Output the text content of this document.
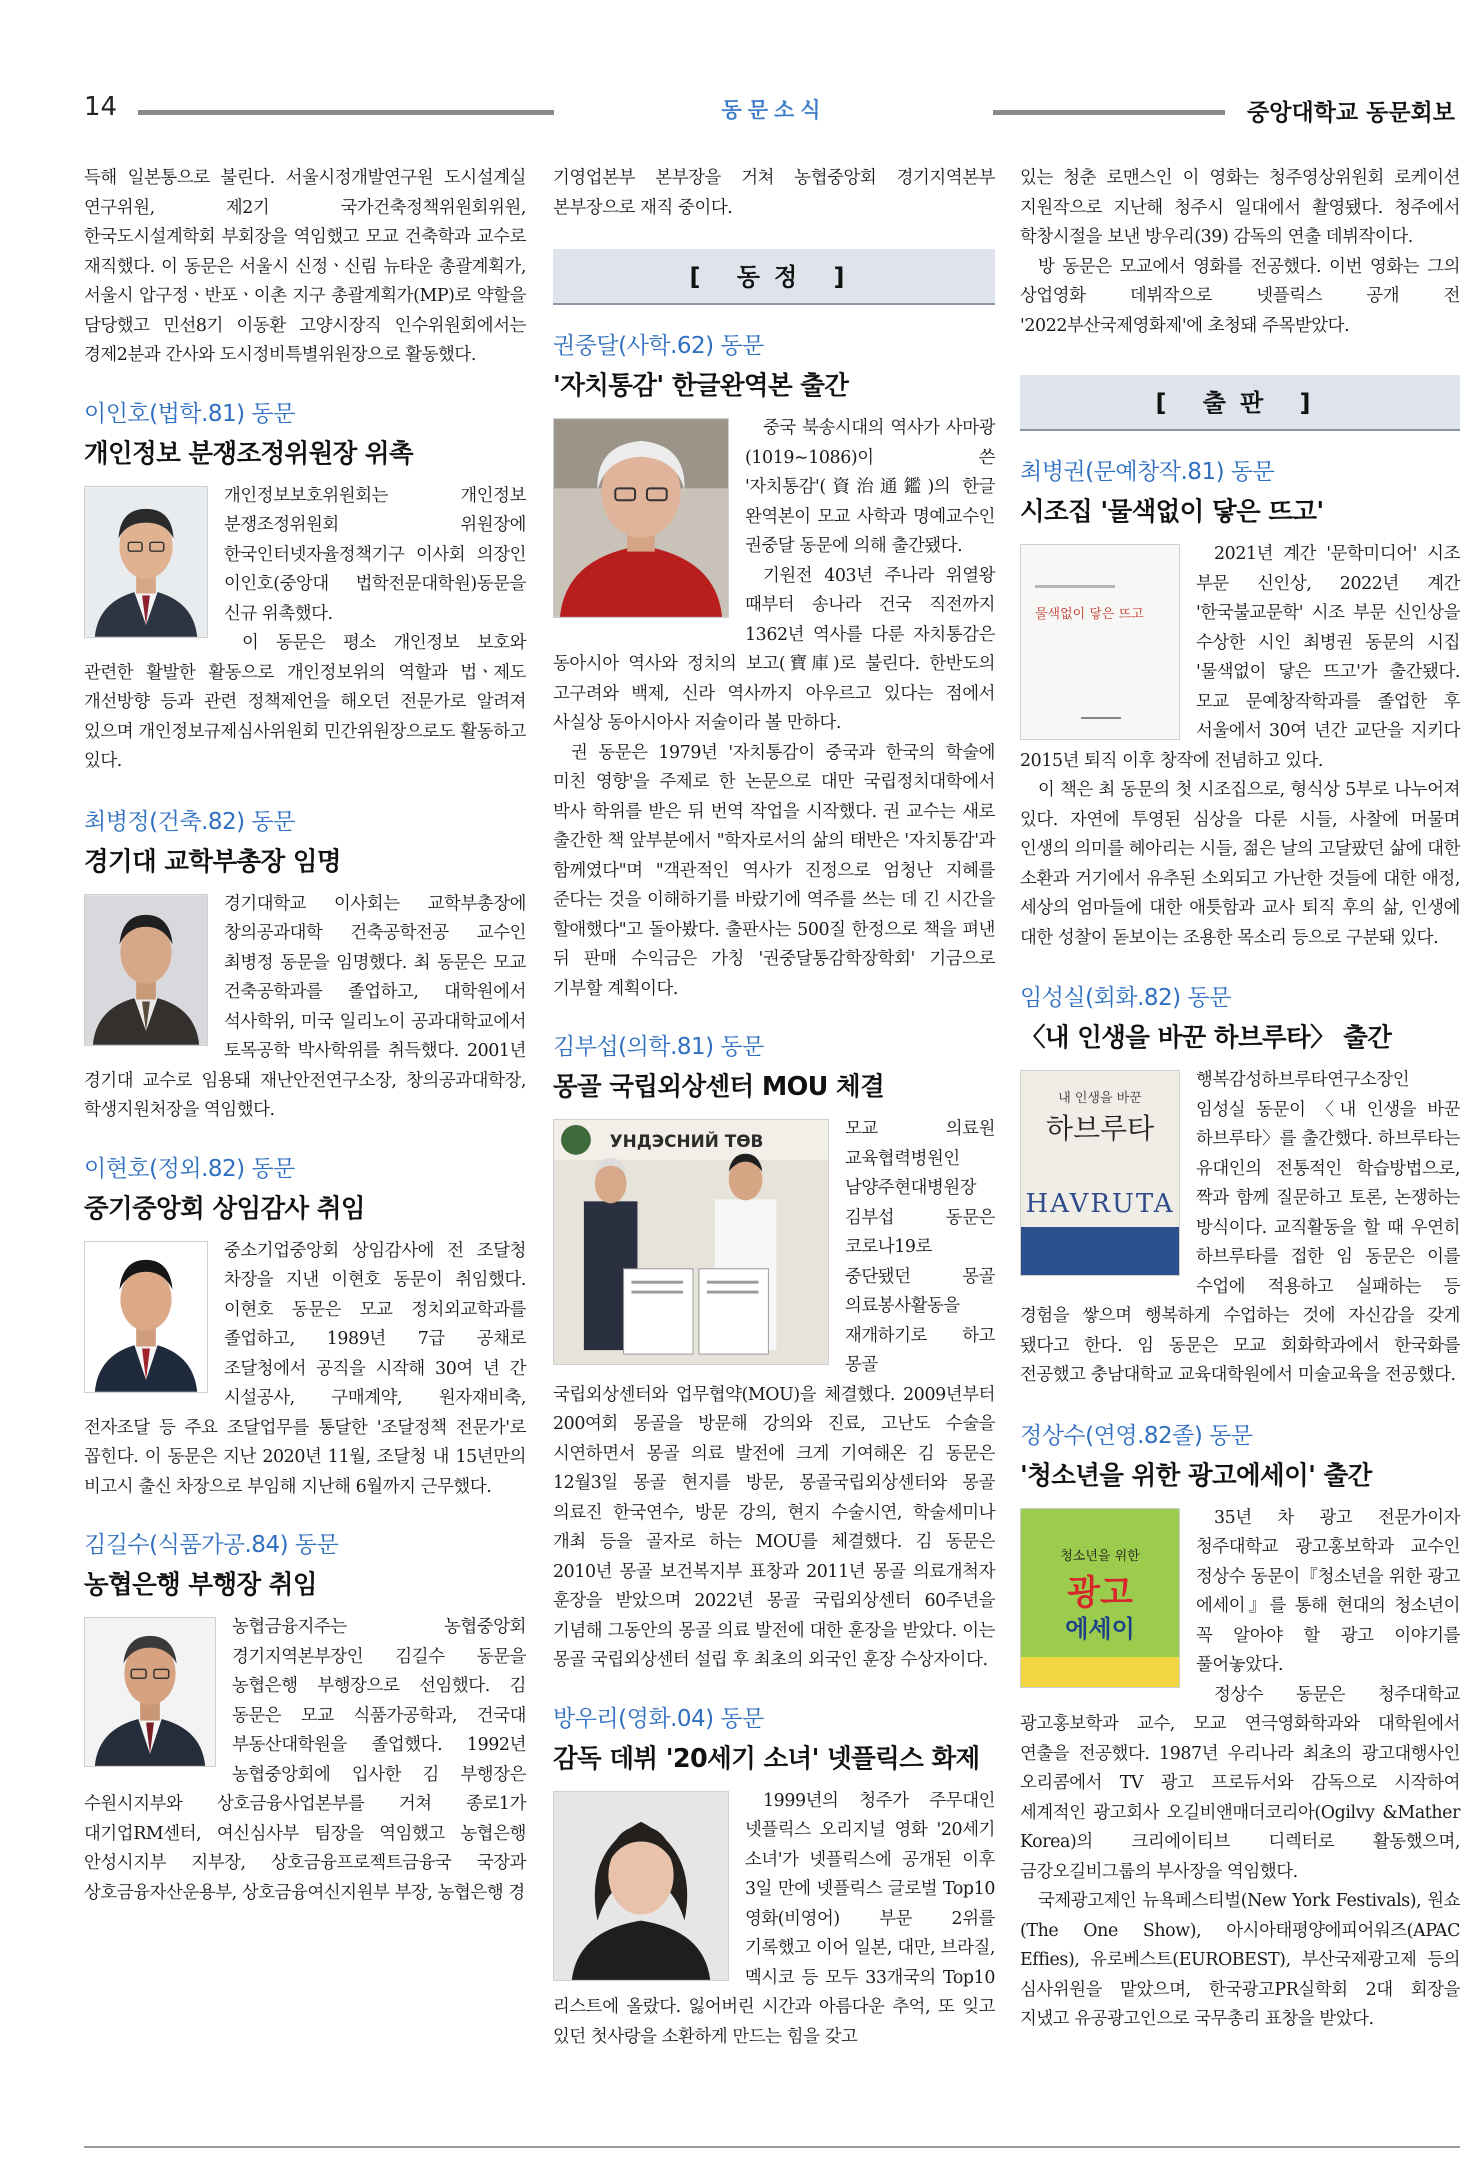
14	동문소식	중앙대학교 동문회보

득해 일본통으로 불린다. 서울시정개발연구원 도시설계실 연구위원, 제2기 국가건축정책위원회위원, 한국도시설계학회 부회장을 역임했고 모교 건축학과 교수로 재직했다. 이 동문은 서울시 신정ㆍ신림 뉴타운 총괄계획가, 서울시 압구정ㆍ반포ㆍ이촌 지구 총괄계획가(MP)로 약할을 담당했고 민선8기 이동환 고양시장직 인수위원회에서는 경제2분과 간사와 도시정비특별위원장으로 활동했다.

이인호(법학.81) 동문
개인정보 분쟁조정위원장 위촉

개인정보보호위원회는 개인정보 분쟁조정위원회 위원장에 한국인터넷자율정책기구 이사회 의장인 이인호(중앙대 법학전문대학원)동문을 신규 위촉했다.

이 동문은 평소 개인정보 보호와 관련한 활발한 활동으로 개인정보위의 역할과 법ㆍ제도 개선방향 등과 관련 정책제언을 해오던 전문가로 알려져 있으며 개인정보규제심사위원회 민간위원장으로도 활동하고 있다.

최병정(건축.82) 동문
경기대 교학부총장 임명

경기대학교 이사회는 교학부총장에 창의공과대학 건축공학전공 교수인 최병정 동문을 임명했다. 최 동문은 모교 건축공학과를 졸업하고, 대학원에서 석사학위, 미국 일리노이 공과대학교에서 토목공학 박사학위를 취득했다. 2001년 경기대 교수로 임용돼 재난안전연구소장, 창의공과대학장, 학생지원처장을 역임했다.

이현호(정외.82) 동문
중기중앙회 상임감사 취임

중소기업중앙회 상임감사에 전 조달청 차장을 지낸 이현호 동문이 취임했다. 이현호 동문은 모교 정치외교학과를 졸업하고, 1989년 7급 공채로 조달청에서 공직을 시작해 30여 년 간 시설공사, 구매계약, 원자재비축, 전자조달 등 주요 조달업무를 통달한 '조달정책 전문가'로 꼽힌다. 이 동문은 지난 2020년 11월, 조달청 내 15년만의 비고시 출신 차장으로 부임해 지난해 6월까지 근무했다.

김길수(식품가공.84) 동문
농협은행 부행장 취임

농협금융지주는 농협중앙회 경기지역본부장인 김길수 동문을 농협은행 부행장으로 선임했다. 김 동문은 모교 식품가공학과, 건국대 부동산대학원을 졸업했다. 1992년 농협중앙회에 입사한 김 부행장은 수원시지부와 상호금융사업본부를 거쳐 종로1가 대기업RM센터, 여신심사부 팀장을 역임했고 농협은행 안성시지부 지부장, 상호금융프로젝트금융국 국장과 상호금융자산운용부, 상호금융여신지원부 부장, 농협은행 경

기영업본부 본부장을 거쳐 농협중앙회 경기지역본부 본부장으로 재직 중이다.

[ 동정 ]
권중달(사학.62) 동문
'자치통감' 한글완역본 출간

중국 북송시대의 역사가 사마광(1019∼1086)이 쓴 '자치통감'(資治通鑑)의 한글 완역본이 모교 사학과 명예교수인 권중달 동문에 의해 출간됐다.

기원전 403년 주나라 위열왕 때부터 송나라 건국 직전까지 1362년 역사를 다룬 자치통감은 동아시아 역사와 정치의 보고(寶庫)로 불린다. 한반도의 고구려와 백제, 신라 역사까지 아우르고 있다는 점에서 사실상 동아시아사 저술이라 볼 만하다.

권 동문은 1979년 '자치통감이 중국과 한국의 학술에 미친 영향'을 주제로 한 논문으로 대만 국립정치대학에서 박사 학위를 받은 뒤 번역 작업을 시작했다. 권 교수는 새로 출간한 책 앞부분에서 "학자로서의 삶의 태반은 '자치통감'과 함께였다"며 "객관적인 역사가 진정으로 엄청난 지혜를 준다는 것을 이해하기를 바랐기에 역주를 쓰는 데 긴 시간을 할애했다"고 돌아봤다. 출판사는 500질 한정으로 책을 펴낸 뒤 판매 수익금은 가칭 '권중달통감학장학회' 기금으로 기부할 계획이다.

김부섭(의학.81) 동문
몽골 국립외상센터 MOU 체결
УНДЭСНИЙ ТӨВ

모교 의료원 교육협력병원인 남양주현대병원장 김부섭 동문은 코로나19로 중단됐던 몽골 의료봉사활동을 재개하기로 하고 몽골 국립외상센터와 업무협약(MOU)을 체결했다. 2009년부터 200여회 몽골을 방문해 강의와 진료, 고난도 수술을 시연하면서 몽골 의료 발전에 크게 기여해온 김 동문은 12월3일 몽골 현지를 방문, 몽골국립외상센터와 몽골 의료진 한국연수, 방문 강의, 현지 수술시연, 학술세미나 개최 등을 골자로 하는 MOU를 체결했다. 김 동문은 2010년 몽골 보건복지부 표창과 2011년 몽골 의료개척자 훈장을 받았으며 2022년 몽골 국립외상센터 60주년을 기념해 그동안의 몽골 의료 발전에 대한 훈장을 받았다. 이는 몽골 국립외상센터 설립 후 최초의 외국인 훈장 수상자이다.

방우리(영화.04) 동문
감독 데뷔 '20세기 소녀' 넷플릭스 화제

1999년의 청주가 주무대인 넷플릭스 오리지널 영화 '20세기 소녀'가 넷플릭스에 공개된 이후 3일 만에 넷플릭스 글로벌 Top10 영화(비영어) 부문 2위를 기록했고 이어 일본, 대만, 브라질, 멕시코 등 모두 33개국의 Top10 리스트에 올랐다. 잃어버린 시간과 아름다운 추억, 또 잊고 있던 첫사랑을 소환하게 만드는 힘을 갖고

있는 청춘 로맨스인 이 영화는 청주영상위원회 로케이션 지원작으로 지난해 청주시 일대에서 촬영됐다. 청주에서 학창시절을 보낸 방우리(39) 감독의 연출 데뷔작이다.

방 동문은 모교에서 영화를 전공했다. 이번 영화는 그의 상업영화 데뷔작으로 넷플릭스 공개 전 '2022부산국제영화제'에 초청돼 주목받았다.

[ 출판 ]
최병권(문예창작.81) 동문
시조집 '물색없이 닿은 뜨고'
물색없이 닿은 뜨고

2021년 계간 '문학미디어' 시조 부문 신인상, 2022년 계간 '한국불교문학' 시조 부문 신인상을 수상한 시인 최병권 동문의 시집 '물색없이 닿은 뜨고'가 출간됐다. 모교 문예창작학과를 졸업한 후 서울에서 30여 년간 교단을 지키다 2015년 퇴직 이후 창작에 전념하고 있다.

이 책은 최 동문의 첫 시조집으로, 형식상 5부로 나누어져 있다. 자연에 투영된 심상을 다룬 시들, 사찰에 머물며 인생의 의미를 헤아리는 시들, 젊은 날의 고달팠던 삶에 대한 소환과 거기에서 유추된 소외되고 가난한 것들에 대한 애정, 세상의 엄마들에 대한 애틋함과 교사 퇴직 후의 삶, 인생에 대한 성찰이 돋보이는 조용한 목소리 등으로 구분돼 있다.

임성실(회화.82) 동문
〈내 인생을 바꾼 하브루타〉 출간
내 인생을 바꾼
하브루타
HAVRUTA

행복감성하브루타연구소장인 임성실 동문이 〈내 인생을 바꾼 하브루타〉를 출간했다. 하브루타는 유대인의 전통적인 학습방법으로, 짝과 함께 질문하고 토론, 논쟁하는 방식이다. 교직활동을 할 때 우연히 하브루타를 접한 임 동문은 이를 수업에 적용하고 실패하는 등 경험을 쌓으며 행복하게 수업하는 것에 자신감을 갖게 됐다고 한다. 임 동문은 모교 회화학과에서 한국화를 전공했고 충남대학교 교육대학원에서 미술교육을 전공했다.

정상수(연영.82졸) 동문
'청소년을 위한 광고에세이' 출간
청소년을 위한
광고
에세이

35년 차 광고 전문가이자 청주대학교 광고홍보학과 교수인 정상수 동문이『청소년을 위한 광고 에세이』를 통해 현대의 청소년이 꼭 알아야 할 광고 이야기를 풀어놓았다.

정상수 동문은 청주대학교 광고홍보학과 교수, 모교 연극영화학과와 대학원에서 연출을 전공했다. 1987년 우리나라 최초의 광고대행사인 오리콤에서 TV 광고 프로듀서와 감독으로 시작하여 세계적인 광고회사 오길비앤매더코리아(Ogilvy &Mather Korea)의 크리에이티브 디렉터로 활동했으며, 금강오길비그룹의 부사장을 역임했다.

국제광고제인 뉴욕페스티벌(New York Festivals), 원쇼(The One Show), 아시아태평양에피어워즈(APAC Effies), 유로베스트(EUROBEST), 부산국제광고제 등의 심사위원을 맡았으며, 한국광고PR실학회 2대 회장을 지냈고 유공광고인으로 국무총리 표창을 받았다.
